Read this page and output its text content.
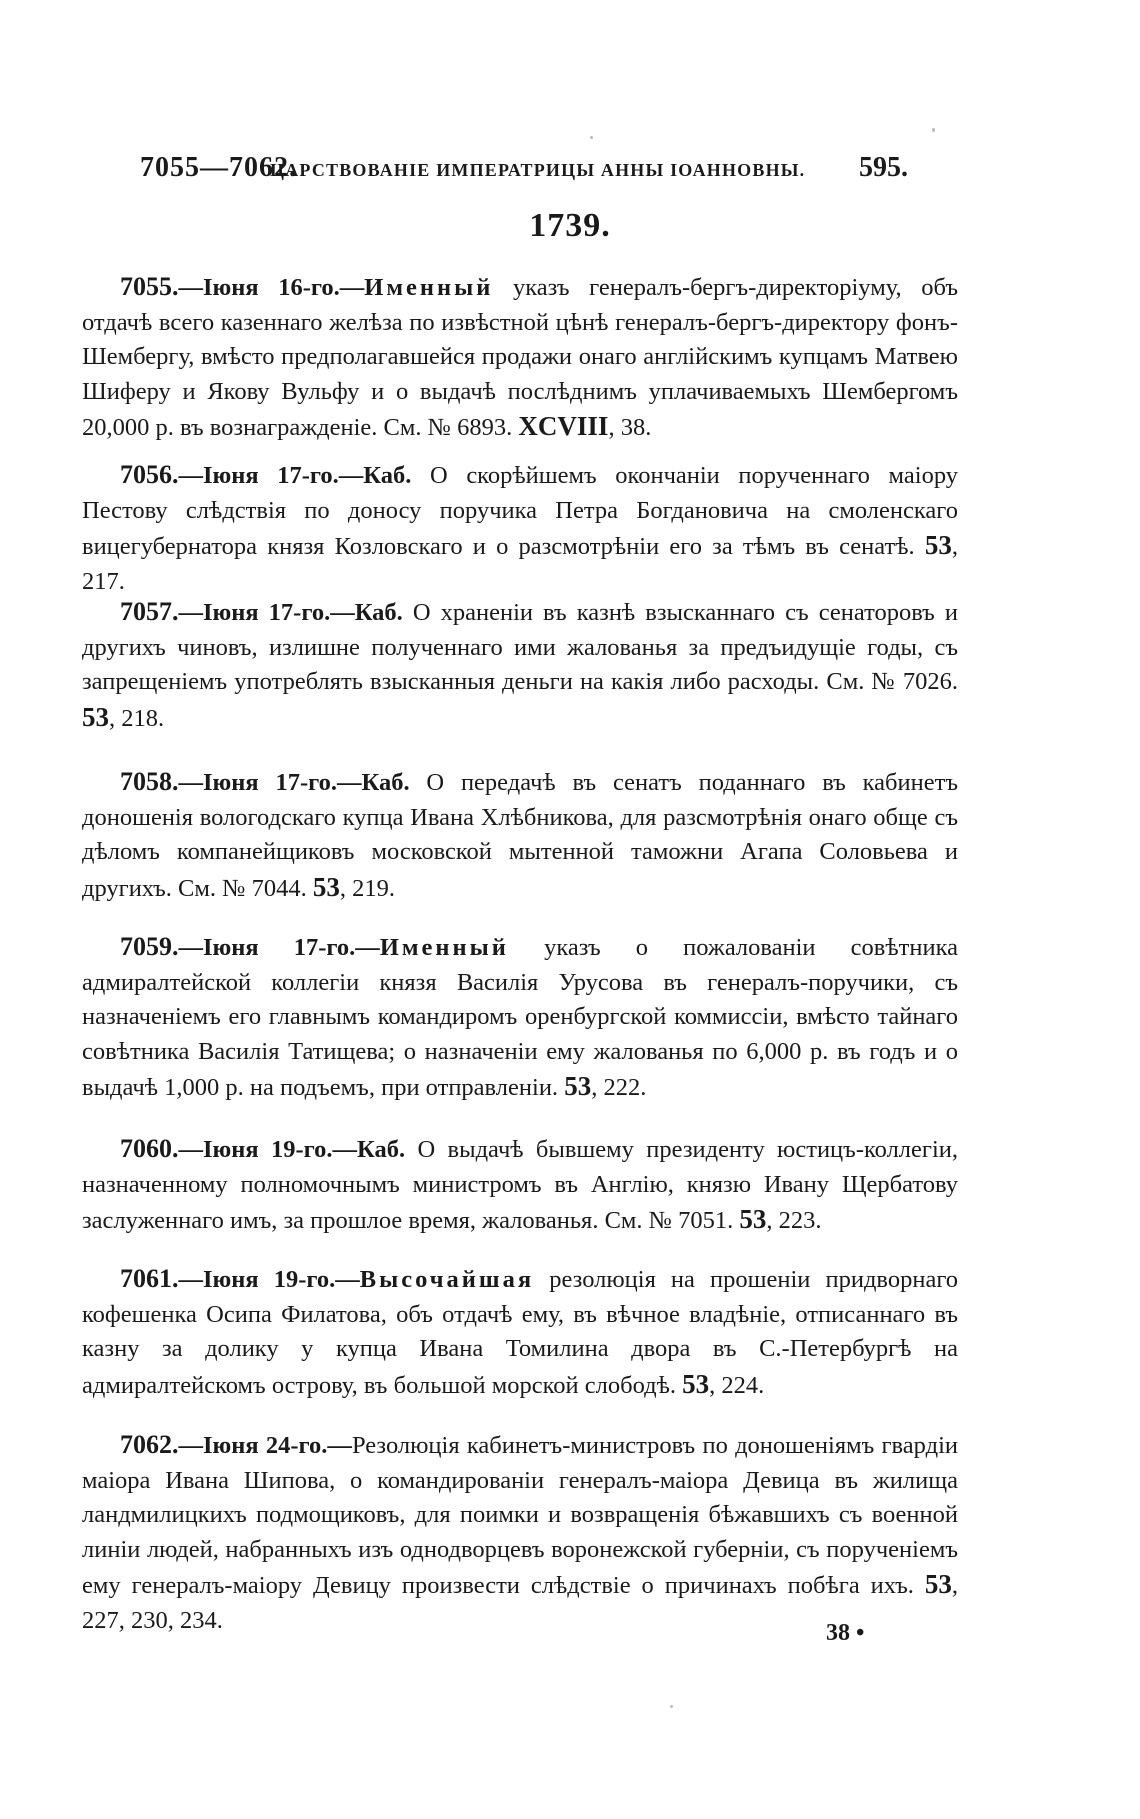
7055—7062.
ЦАРСТВОВАНІЕ ИМПЕРАТРИЦЫ АННЫ ІОАННОВНЫ. 595.
1739.

7055.—Іюня 16-го.—Именный указъ генералъ-бергъ-директоріуму, объ отдачѣ всего казеннаго желѣза по извѣстной цѣнѣ генералъ-бергъ-директору фонъ-Шембергу, вмѣсто предполагавшейся продажи онаго англійскимъ купцамъ Матвею Шиферу и Якову Вульфу и о выдачѣ послѣднимъ уплачиваемыхъ Шембергомъ 20,000 р. въ вознагражденіе. См. № 6893. XCVIII, 38.

7056.—Іюня 17-го.—Каб. О скорѣйшемъ окончаніи порученнаго маіору Пестову слѣдствія по доносу поручика Петра Богдановича на смоленскаго вицегубернатора князя Козловскаго и о разсмотрѣніи его за тѣмъ въ сенатѣ. 53, 217.

7057.—Іюня 17-го.—Каб. О храненіи въ казнѣ взысканнаго съ сенаторовъ и другихъ чиновъ, излишне полученнаго ими жалованья за предъидущіе годы, съ запрещеніемъ употреблять взысканныя деньги на какія либо расходы. См. № 7026. 53, 218.

7058.—Іюня 17-го.—Каб. О передачѣ въ сенатъ поданнаго въ кабинетъ доношенія вологодскаго купца Ивана Хлѣбникова, для разсмотрѣнія онаго обще съ дѣломъ компанейщиковъ московской мытенной таможни Агапа Соловьева и другихъ. См. № 7044. 53, 219.

7059.—Іюня 17-го.—Именный указъ о пожалованіи совѣтника адмиралтейской коллегіи князя Василія Урусова въ генералъ-поручики, съ назначеніемъ его главнымъ командиромъ оренбургской коммиссіи, вмѣсто тайнаго совѣтника Василія Татищева; о назначеніи ему жалованья по 6,000 р. въ годъ и о выдачѣ 1,000 р. на подъемъ, при отправленіи. 53, 222.

7060.—Іюня 19-го.—Каб. О выдачѣ бывшему президенту юстицъ-коллегіи, назначенному полномочнымъ министромъ въ Англію, князю Ивану Щербатову заслуженнаго имъ, за прошлое время, жалованья. См. № 7051. 53, 223.

7061.—Іюня 19-го.—Высочайшая резолюція на прошеніи придворнаго кофешенка Осипа Филатова, объ отдачѣ ему, въ вѣчное владѣніе, отписаннаго въ казну за долику у купца Ивана Томилина двора въ С.-Петербургѣ на адмиралтейскомъ острову, въ большой морской слободѣ. 53, 224.

7062.—Іюня 24-го.—Резолюція кабинетъ-министровъ по доношеніямъ гвардіи маіора Ивана Шипова, о командированіи генералъ-маіора Девица въ жилища ландмилицкихъ подмощиковъ, для поимки и возвращенія бѣжавшихъ съ военной линіи людей, набранныхъ изъ однодворцевъ воронежской губерніи, съ порученіемъ ему генералъ-маіору Девицу произвести слѣдствіе о причинахъ побѣга ихъ. 53, 227, 230, 234.	38 •
